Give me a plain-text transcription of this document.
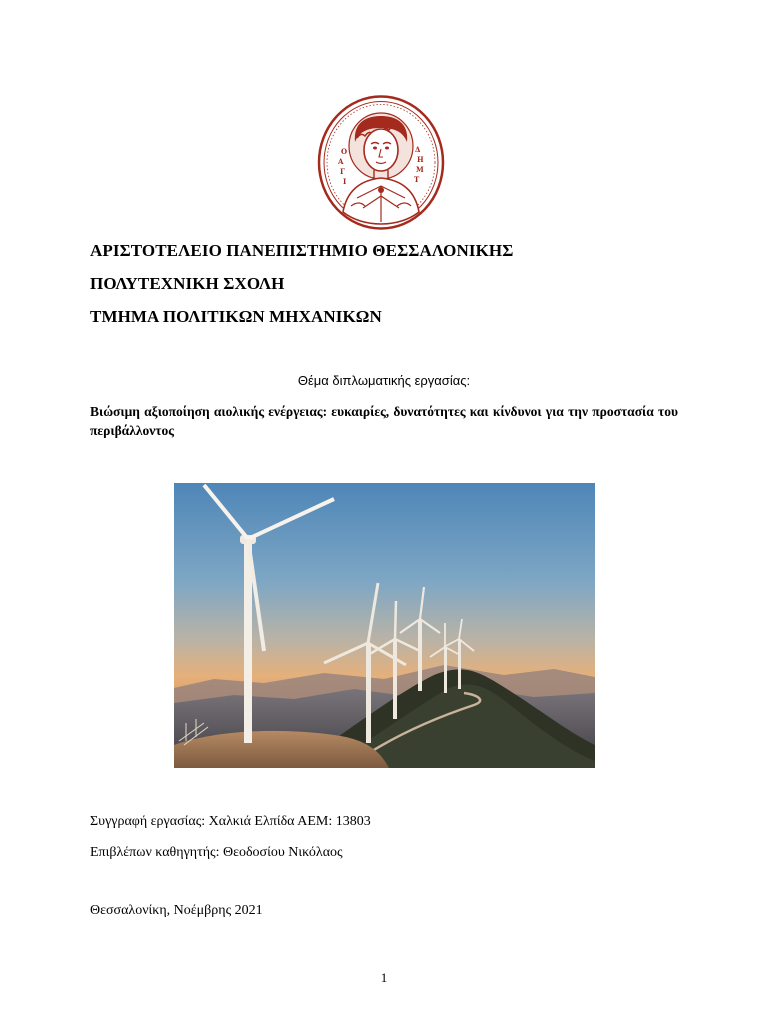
Ο
Α
Γ
Ι
Δ
Η
Μ
Τ
ΑΡΙΣΤΟΤΕΛΕΙΟ ΠΑΝΕΠΙΣΤΗΜΙΟ ΘΕΣΣΑΛΟΝΙΚΗΣ
ΠΟΛΥΤΕΧΝΙΚΗ ΣΧΟΛΗ
ΤΜΗΜΑ ΠΟΛΙΤΙΚΩΝ ΜΗΧΑΝΙΚΩΝ
Θέμα διπλωματικής εργασίας:
Βιώσιμη αξιοποίηση αιολικής ενέργειας: ευκαιρίες, δυνατότητες και κίνδυνοι για την προστασία του περιβάλλοντος
Συγγραφή εργασίας: Χαλκιά Ελπίδα ΑΕΜ: 13803
Επιβλέπων καθηγητής: Θεοδοσίου Νικόλαος
Θεσσαλονίκη, Νοέμβρης 2021
1
